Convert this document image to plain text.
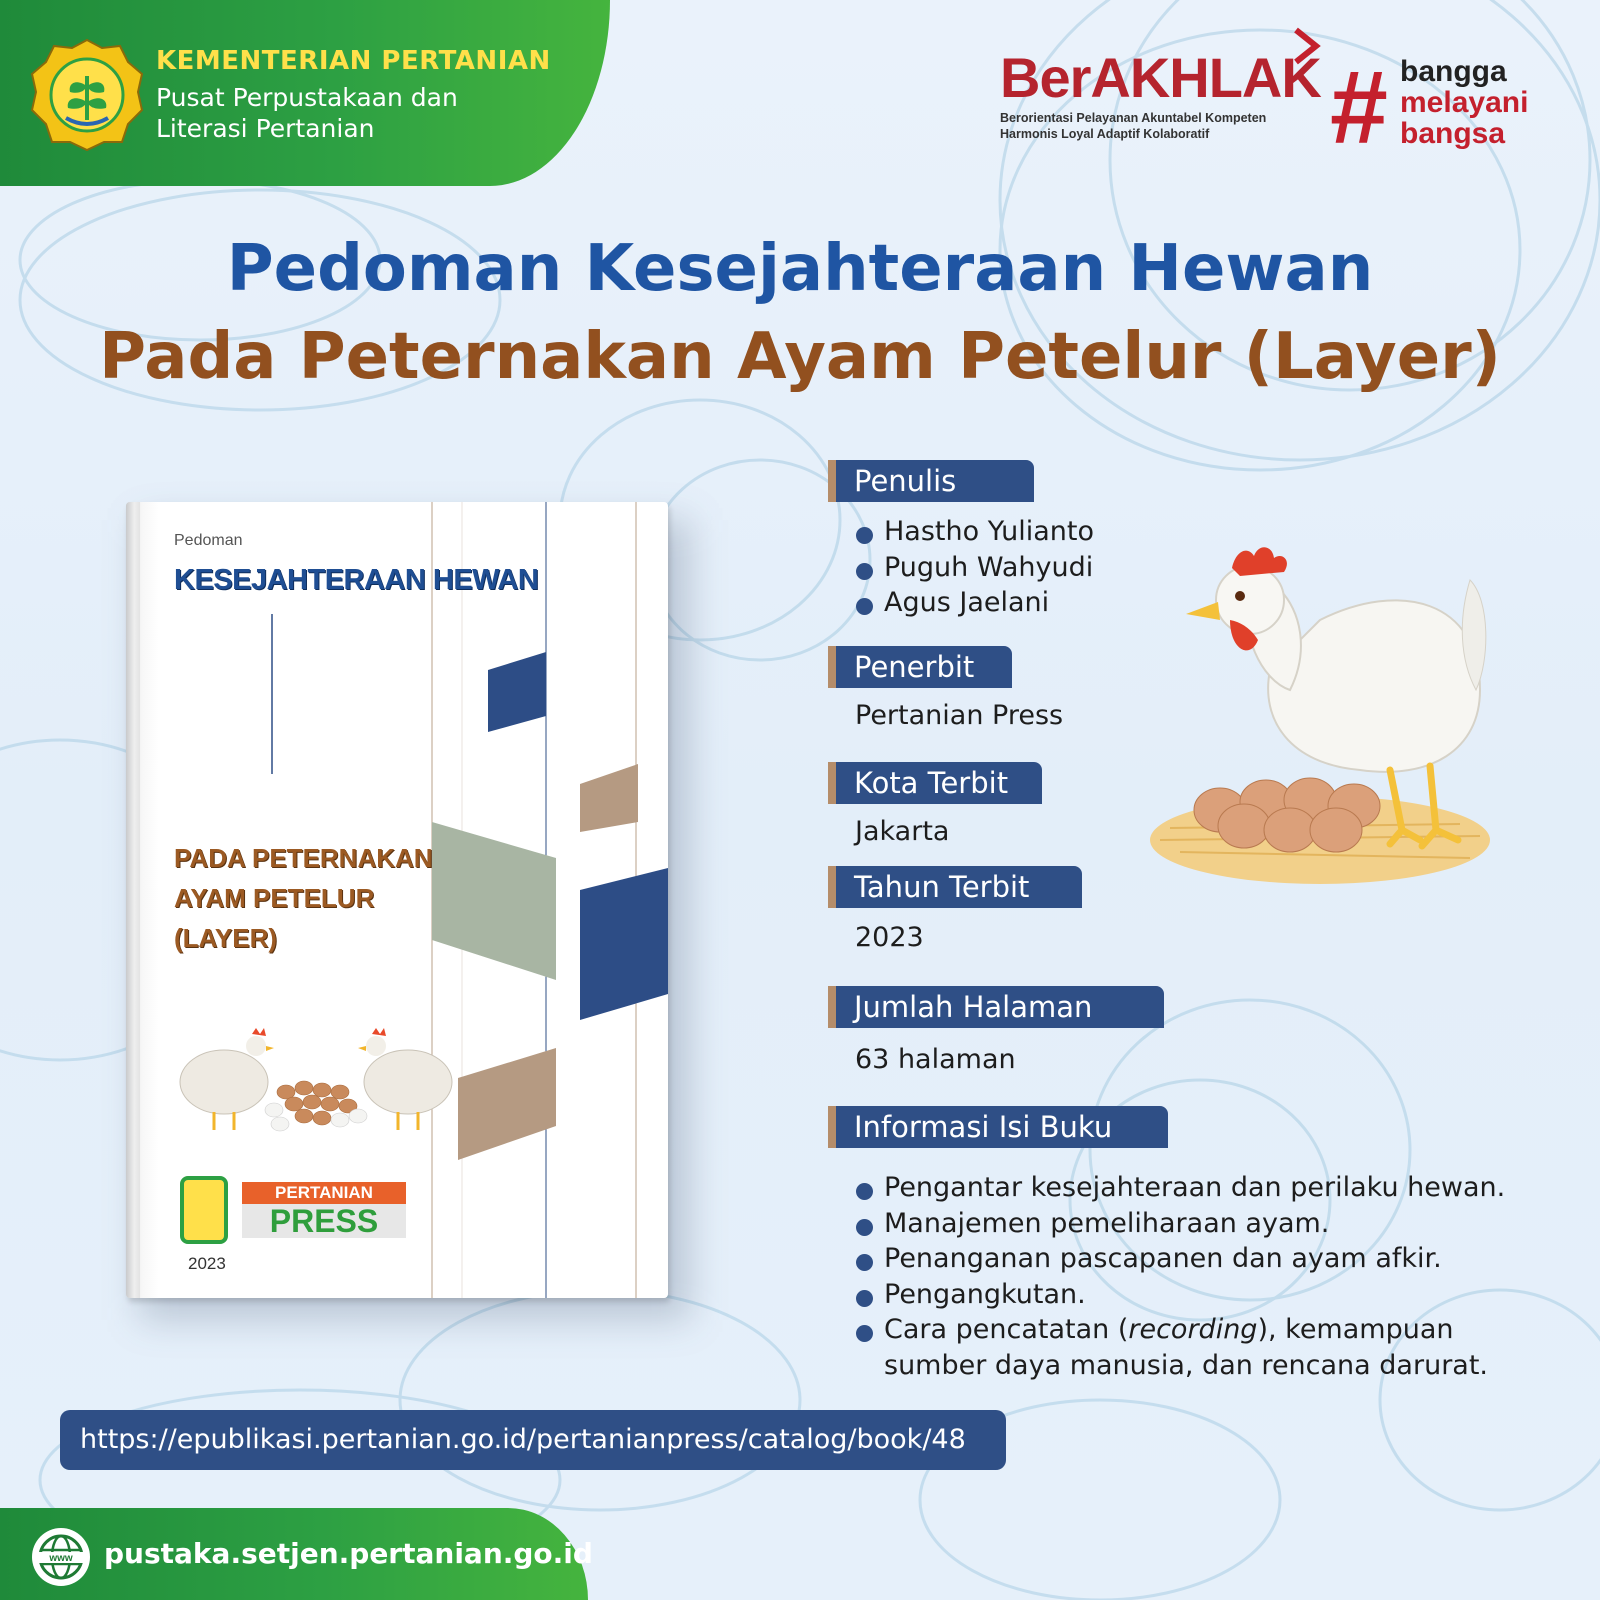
KEMENTERIAN PERTANIAN
Pusat Perpustakaan dan
Literasi Pertanian
BerAKHLAK
Berorientasi Pelayanan Akuntabel Kompeten
Harmonis Loyal Adaptif Kolaboratif	# bangga
melayani
bangsa
Pedoman Kesejahteraan Hewan
Pada Peternakan Ayam Petelur (Layer)
Pedoman
KESEJAHTERAAN HEWAN
PADA PETERNAKAN
AYAM PETELUR
(LAYER)
PERTANIAN
PRESS
2023
Penulis
Hastho Yulianto
Puguh Wahyudi
Agus Jaelani
Penerbit
Pertanian Press
Kota Terbit
Jakarta
Tahun Terbit
2023
Jumlah Halaman
63 halaman
Informasi Isi Buku
Pengantar kesejahteraan dan perilaku hewan.
Manajemen pemeliharaan ayam.
Penanganan pascapanen dan ayam afkir.
Pengangkutan.
Cara pencatatan (recording), kemampuan
sumber daya manusia, dan rencana darurat.
https://epublikasi.pertanian.go.id/pertanianpress/catalog/book/48
www pustaka.setjen.pertanian.go.id
